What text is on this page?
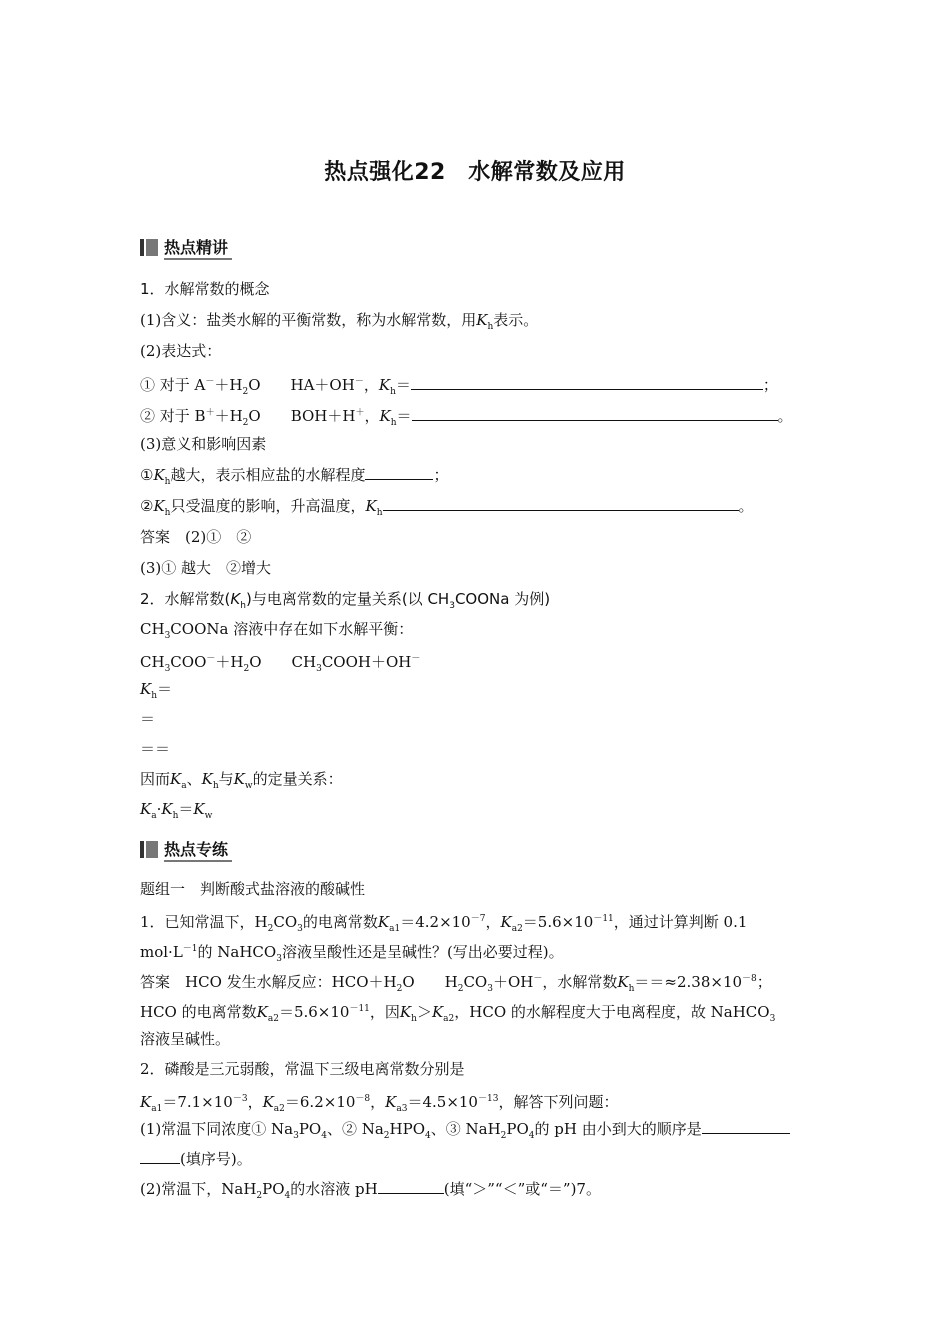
热点强化22　水解常数及应用
热点精讲
1．水解常数的概念
(1)含义：盐类水解的平衡常数，称为水解常数，用$K_h$表示。
(2)表达式：
① 对于 $A^-+H_2O$　　HA＋OH－，$K_h=$	；
② 对于 $B^++H_2O$　　BOH＋H＋，$K_h=$	。
(3)意义和影响因素
$①K_h$越大，表示相应盐的水解程度	；
$②K_h$只受温度的影响，升高温度，$K_h$	。
答案　 (2)①　②
(3)① 越大　②增大
2．水解常数$(K_h)$与电离常数的定量关系(以 $CH_3COONa$ 为例)
$CH_3COONa$ 溶液中存在如下水解平衡：
$CH_3COO^-+H_2O$　　$CH_3COOH+OH^-$
$K_h=$
＝
＝＝
因而$K_a$、$K_h$与$K_w$的定量关系：
$K_a\cdot K_h=K_w$
热点专练
题组一　判断酸式盐溶液的酸碱性
1．已知常温下，$H_2CO_3$的电离常数$K_{a1}=4.2\times 10^{-7}$，$K_{a2}=5.6\times 10^{-11}$，通过计算判断 0.1
$mol\cdot L^{-1}$的 NaHCO$_3$溶液呈酸性还是呈碱性？(写出必要过程)。
答案　 HCO 发生水解反应：$HCO+H_2O$　　$H_2CO_3+OH^-$，水解常数$K_h==\approx 2.38\times 10^{-8}$；
HCO 的电离常数$K_{a2}=5.6\times 10^{-11}$，因$K_h>K_{a2}$，HCO 的水解程度大于电离程度，故 NaHCO$_3$
溶液呈碱性。
2．磷酸是三元弱酸，常温下三级电离常数分别是
$K_{a1}=7.1\times 10^{-3}$，$K_{a2}=6.2\times 10^{-8}$，$K_{a3}=4.5\times 10^{-13}$，解答下列问题：
(1)常温下同浓度① $Na_3PO_4$、② $Na_2HPO_4$、③ $NaH_2PO_4$的 pH 由小到大的顺序是
(填序号)。
(2)常温下，$NaH_2PO_4$的水溶液 pH	(填“＞”“＜”或“＝”)7。
